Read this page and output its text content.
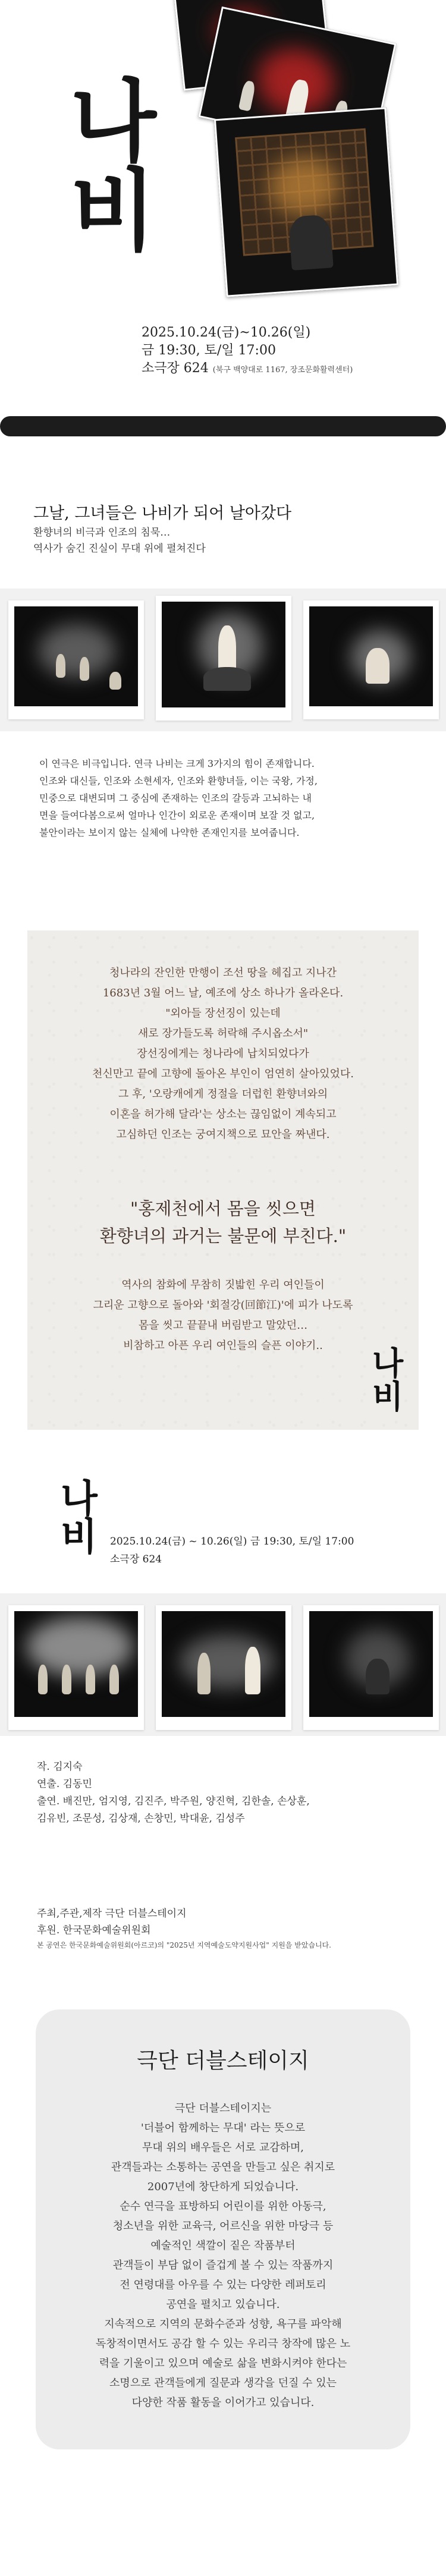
나비
2025.10.24(금)~10.26(일)
금 19:30, 토/일 17:00
소극장 624 (북구 백양대로 1167, 장조문화활력센터)
그날, 그녀들은 나비가 되어 날아갔다

환향녀의 비극과 인조의 침묵…

역사가 숨긴 진실이 무대 위에 펼쳐진다

이 연극은 비극입니다. 연극 나비는 크게 3가지의 힘이 존재합니다.

인조와 대신들, 인조와 소현세자, 인조와 환향녀들, 이는 국왕, 가정,

민중으로 대변되며 그 중심에 존재하는 인조의 갈등과 고뇌하는 내

면을 들여다봄으로써 얼마나 인간이 외로운 존재이며 보잘 것 없고,

불안이라는 보이지 않는 실체에 나약한 존재인지를 보여줍니다.

청나라의 잔인한 만행이 조선 땅을 헤집고 지나간

1683년 3월 어느 날, 예조에 상소 하나가 올라온다.

"외아들 장선징이 있는데

새로 장가들도록 허락해 주시옵소서"

장선징에게는 청나라에 납치되었다가

천신만고 끝에 고향에 돌아온 부인이 엄연히 살아있었다.

그 후, '오랑캐에게 정절을 더럽힌 환향녀와의

이혼을 허가해 달라'는 상소는 끊임없이 계속되고

고심하던 인조는 궁여지책으로 묘안을 짜낸다.

"홍제천에서 몸을 씻으면

환향녀의 과거는 불문에 부친다."

역사의 참화에 무참히 짓밟힌 우리 여인들이

그리운 고향으로 돌아와 '회절강(回節江)'에 피가 나도록

몸을 씻고 끝끝내 버림받고 말았던…

비참하고 아픈 우리 여인들의 슬픈 이야기..	나비
나비	2025.10.24(금) ~ 10.26(일) 금 19:30, 토/일 17:00

소극장 624

작. 김지숙

연출. 김동민

출연. 배진만, 엄지영, 김진주, 박주원, 양진혁, 김한솔, 손상훈,

김유빈, 조문성, 김상재, 손창민, 박대윤, 김성주

주최,주관,제작 극단 더블스테이지

후원. 한국문화예술위원회

본 공연은 한국문화예술위원회(아르코)의 "2025년 지역예술도약지원사업" 지원을 받았습니다.

극단 더블스테이지

극단 더블스테이지는

'더블어 함께하는 무대' 라는 뜻으로

무대 위의 배우들은 서로 교감하며,

관객들과는 소통하는 공연을 만들고 싶은 취지로

2007년에 창단하게 되었습니다.

순수 연극을 표방하되 어린이를 위한 아동극,

청소년을 위한 교육극, 어르신을 위한 마당극 등

예술적인 색깔이 짙은 작품부터

관객들이 부담 없이 즐겁게 볼 수 있는 작품까지

전 연령대를 아우를 수 있는 다양한 레퍼토리

공연을 펼치고 있습니다.

지속적으로 지역의 문화수준과 성향, 욕구를 파악해

독창적이면서도 공감 할 수 있는 우리극 창작에 많은 노

력을 기울이고 있으며 예술로 삶을 변화시켜야 한다는

소명으로 관객들에게 질문과 생각을 던질 수 있는

다양한 작품 활동을 이어가고 있습니다.
